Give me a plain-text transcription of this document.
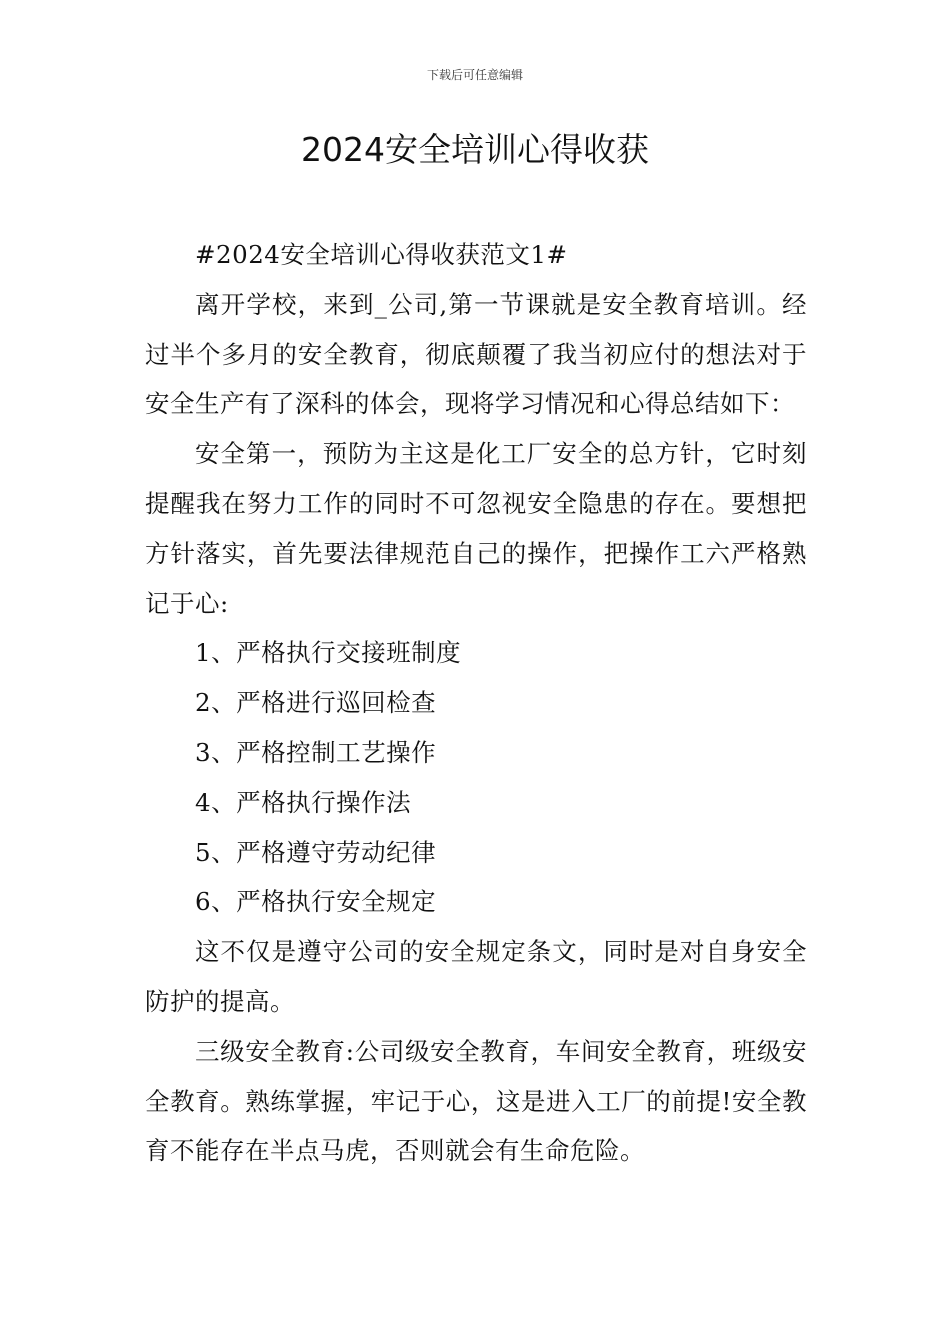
下载后可任意编辑
2024安全培训心得收获

#2024安全培训心得收获范文1#

离开学校，来到_公司,第一节课就是安全教育培训。经过半个多月的安全教育，彻底颠覆了我当初应付的想法对于安全生产有了深科的体会，现将学习情况和心得总结如下：

安全第一，预防为主这是化工厂安全的总方针，它时刻提醒我在努力工作的同时不可忽视安全隐患的存在。要想把方针落实，首先要法律规范自己的操作，把操作工六严格熟记于心:

1、严格执行交接班制度

2、严格进行巡回检查

3、严格控制工艺操作

4、严格执行操作法

5、严格遵守劳动纪律

6、严格执行安全规定

这不仅是遵守公司的安全规定条文，同时是对自身安全防护的提高。

三级安全教育:公司级安全教育，车间安全教育，班级安全教育。熟练掌握，牢记于心，这是进入工厂的前提!安全教育不能存在半点马虎，否则就会有生命危险。
